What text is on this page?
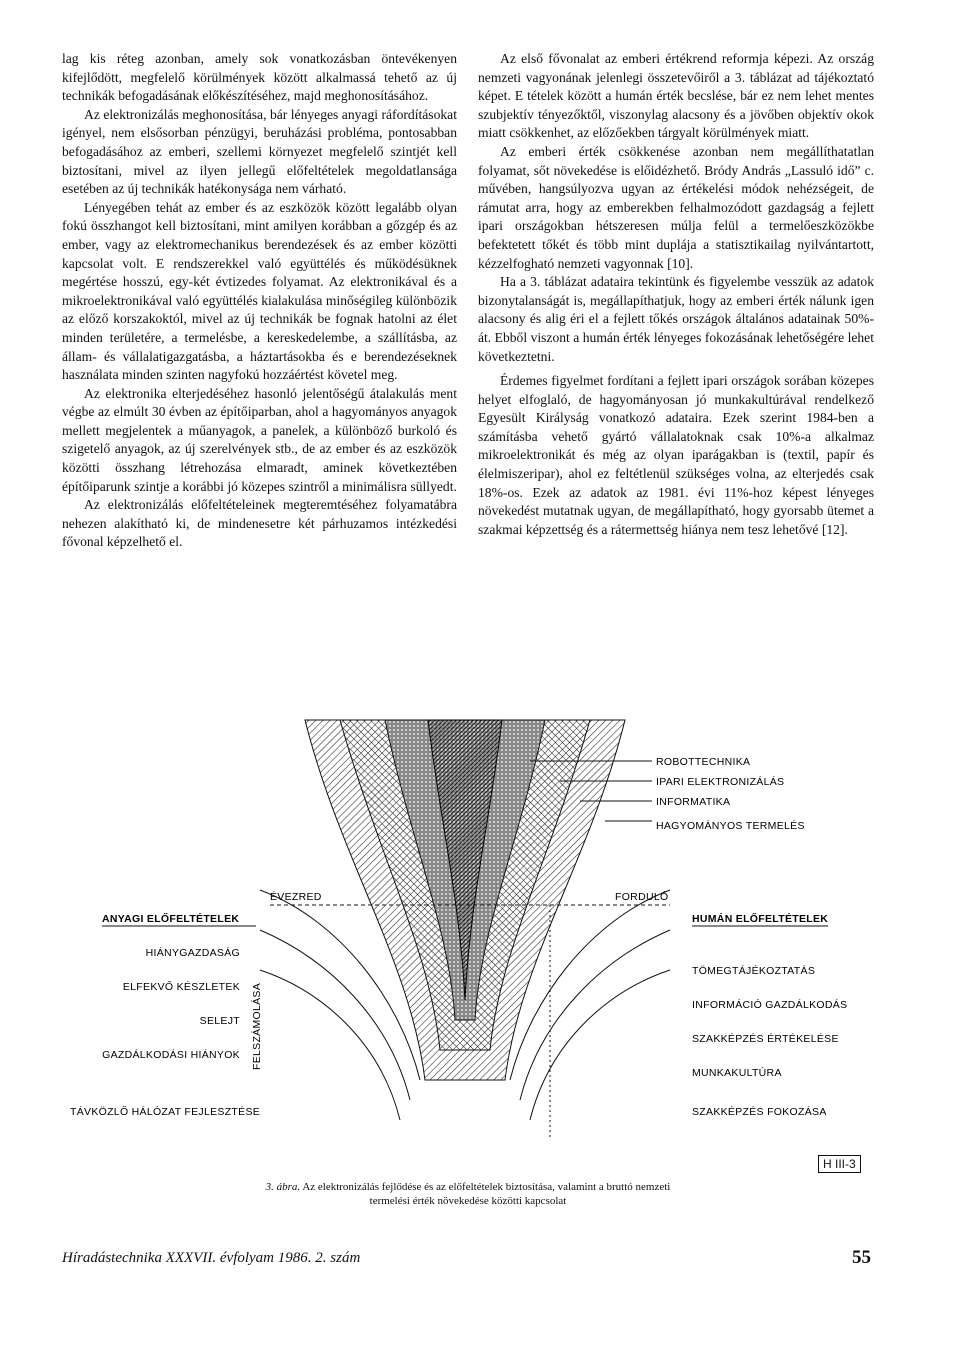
lag kis réteg azonban, amely sok vonatkozásban öntevékenyen kifejlődött, megfelelő körülmények között alkalmassá tehető az új technikák befogadásának előkészítéséhez, majd meghonosításához.

Az elektronizálás meghonosítása, bár lényeges anyagi ráfordításokat igényel, nem elsősorban pénzügyi, beruházási probléma, pontosabban befogadásához az emberi, szellemi környezet megfelelő szintjét kell biztosítani, mivel az ilyen jellegű előfeltételek megoldatlansága esetében az új technikák hatékonysága nem várható.

Lényegében tehát az ember és az eszközök között legalább olyan fokú összhangot kell biztosítani, mint amilyen korábban a gőzgép és az ember, vagy az elektromechanikus berendezések és az ember közötti kapcsolat volt. E rendszerekkel való együttélés és működésüknek megértése hosszú, egy-két évtizedes folyamat. Az elektronikával és a mikroelektronikával való együttélés kialakulása minőségileg különbözik az előző korszakoktól, mivel az új technikák be fognak hatolni az élet minden területére, a termelésbe, a kereskedelembe, a szállításba, az állam- és vállalatigazgatásba, a háztartásokba és e berendezéseknek használata minden szinten nagyfokú hozzáértést követel meg.

Az elektronika elterjedéséhez hasonló jelentőségű átalakulás ment végbe az elmúlt 30 évben az építőiparban, ahol a hagyományos anyagok mellett megjelentek a műanyagok, a panelek, a különböző burkoló és szigetelő anyagok, az új szerelvények stb., de az ember és az eszközök közötti összhang létrehozása elmaradt, aminek következtében építőiparunk szintje a korábbi jó közepes szintről a minimálisra süllyedt.

Az elektronizálás előfeltételeinek megteremtéséhez folyamatábra nehezen alakítható ki, de mindenesetre két párhuzamos intézkedési fővonal képzelhető el.

Az első fővonalat az emberi értékrend reformja képezi. Az ország nemzeti vagyonának jelenlegi összetevőiről a 3. táblázat ad tájékoztató képet. E tételek között a humán érték becslése, bár ez nem lehet mentes szubjektív tényezőktől, viszonylag alacsony és a jövőben objektív okok miatt csökkenhet, az előzőekben tárgyalt körülmények miatt.

Az emberi érték csökkenése azonban nem megállíthatatlan folyamat, sőt növekedése is előidézhető. Bródy András „Lassuló idő” c. művében, hangsúlyozva ugyan az értékelési módok nehézségeit, de rámutat arra, hogy az emberekben felhalmozódott gazdagság a fejlett ipari országokban hétszeresen múlja felül a termelőeszközökbe befektetett tőkét és több mint duplája a statisztikailag nyilvántartott, kézzelfogható nemzeti vagyonnak [10].

Ha a 3. táblázat adataira tekintünk és figyelembe vesszük az adatok bizonytalanságát is, megállapíthatjuk, hogy az emberi érték nálunk igen alacsony és alig éri el a fejlett tőkés országok általános adatainak 50%-át. Ebből viszont a humán érték lényeges fokozásának lehetőségére lehet következtetni.

Érdemes figyelmet fordítani a fejlett ipari országok sorában közepes helyet elfoglaló, de hagyományosan jó munkakultúrával rendelkező Egyesült Királyság vonatkozó adataira. Ezek szerint 1984-ben a számításba vehető gyártó vállalatoknak csak 10%-a alkalmaz mikroelektronikát és még az olyan iparágakban is (textil, papír és élelmiszeripar), ahol ez feltétlenül szükséges volna, az elterjedés csak 18%-os. Ezek az adatok az 1981. évi 11%-hoz képest lényeges növekedést mutatnak ugyan, de megállapítható, hogy gyorsabb ütemet a szakmai képzettség és a rátermettség hiánya nem tesz lehetővé [12].

ROBOTTECHNIKA
IPARI ELEKTRONIZÁLÁS
INFORMATIKA
HAGYOMÁNYOS TERMELÉS
ÉVEZRED	FORDULÓ
ANYAGI ELŐFELTÉTELEK
HIÁNYGAZDASÁG
ELFEKVŐ KÉSZLETEK
SELEJT
GAZDÁLKODÁSI HIÁNYOK FELSZÁMOLÁSA
TÁVKÖZLŐ HÁLÓZAT FEJLESZTÉSE
HUMÁN ELŐFELTÉTELEK
TÖMEGTÁJÉKOZTATÁS
INFORMÁCIÓ GAZDÁLKODÁS
SZAKKÉPZÉS ÉRTÉKELÉSE
MUNKAKULTÚRA
SZAKKÉPZÉS FOKOZÁSA
H III-3
3. ábra. Az elektronizálás fejlődése és az előfeltételek biztosítása, valamint a bruttó nemzeti termelési érték növekedése közötti kapcsolat
Híradástechnika XXXVII. évfolyam 1986. 2. szám	55
